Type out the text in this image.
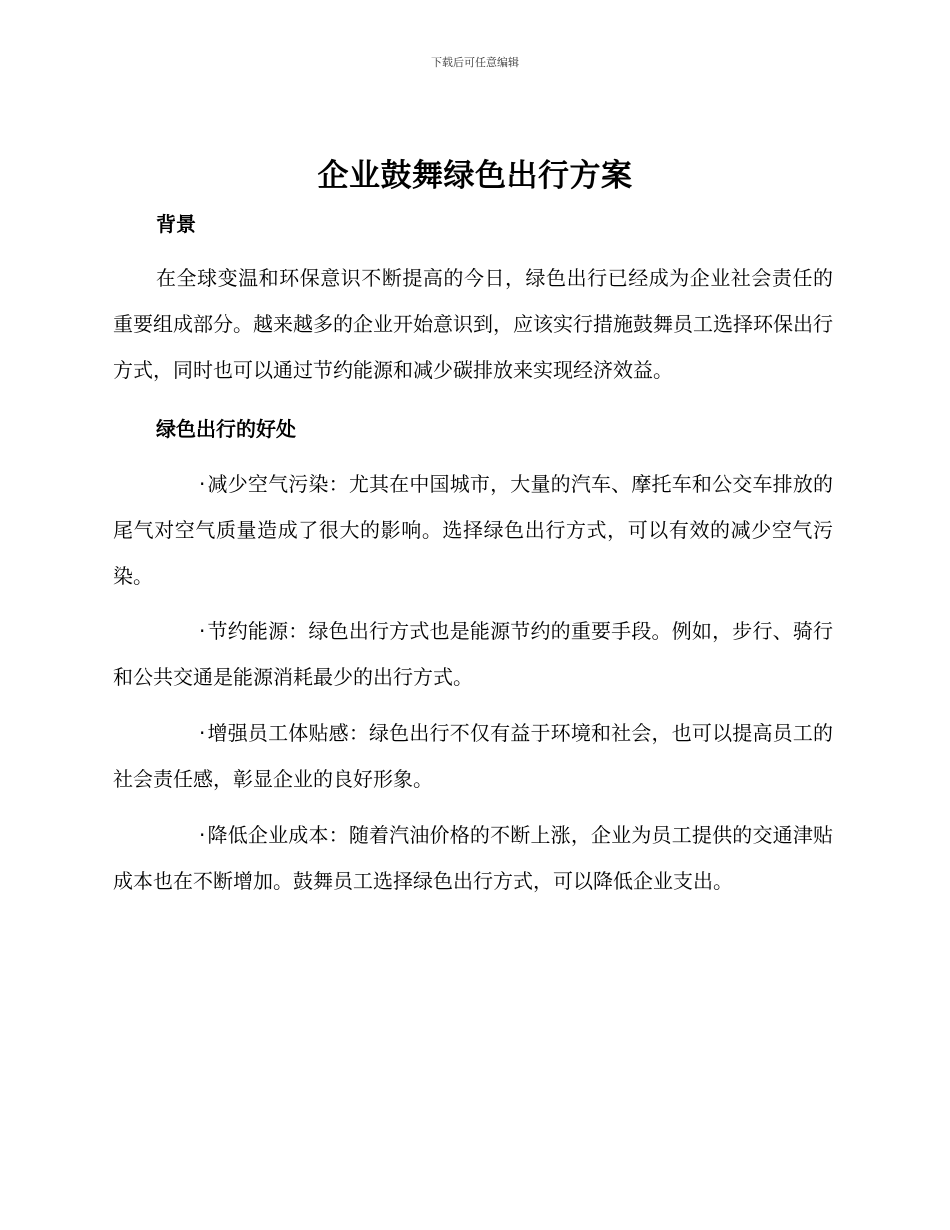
下载后可任意编辑
企业鼓舞绿色出行方案
背景

在全球变温和环保意识不断提高的今日，绿色出行已经成为企业社会责任的重要组成部分。越来越多的企业开始意识到，应该实行措施鼓舞员工选择环保出行方式，同时也可以通过节约能源和减少碳排放来实现经济效益。

绿色出行的好处

· 减少空气污染：尤其在中国城市，大量的汽车、摩托车和公交车排放的尾气对空气质量造成了很大的影响。选择绿色出行方式，可以有效的减少空气污染。

· 节约能源：绿色出行方式也是能源节约的重要手段。例如，步行、骑行和公共交通是能源消耗最少的出行方式。

· 增强员工体贴感：绿色出行不仅有益于环境和社会，也可以提高员工的社会责任感，彰显企业的良好形象。

· 降低企业成本：随着汽油价格的不断上涨，企业为员工提供的交通津贴成本也在不断增加。鼓舞员工选择绿色出行方式，可以降低企业支出。
